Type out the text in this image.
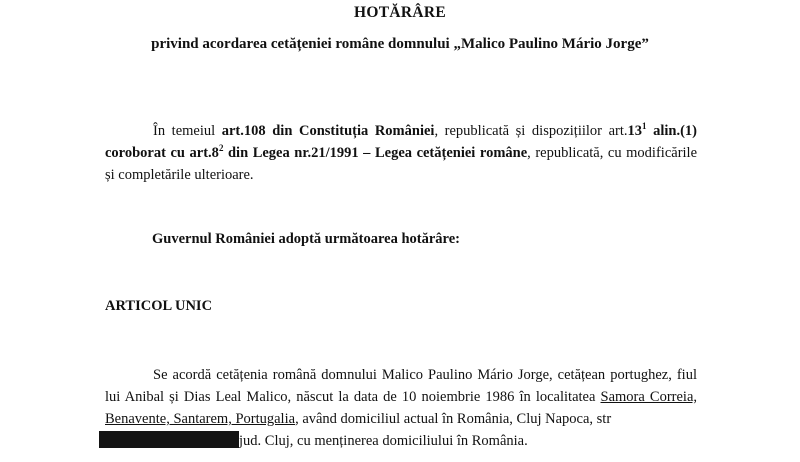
HOTĂRÂRE
privind acordarea cetățeniei române domnului „Malico Paulino Mário Jorge”
În temeiul art.108 din Constituția României, republicată și dispozițiilor $art.13^1$ alin.(1) coroborat cu $art.8^2$ din Legea nr.21/1991 – Legea cetățeniei române, republicată, cu modificările și completările ulterioare.
Guvernul României adoptă următoarea hotărâre:
ARTICOL UNIC
Se acordă cetățenia română domnului Malico Paulino Mário Jorge, cetățean portughez, fiul lui Anibal și Dias Leal Malico, născut la data de 10 noiembrie 1986 în localitatea Samora Correia, Benavente, Santarem, Portugalia, având domiciliul actual în România, Cluj Napoca, str
jud. Cluj, cu menținerea domiciliului în România.
